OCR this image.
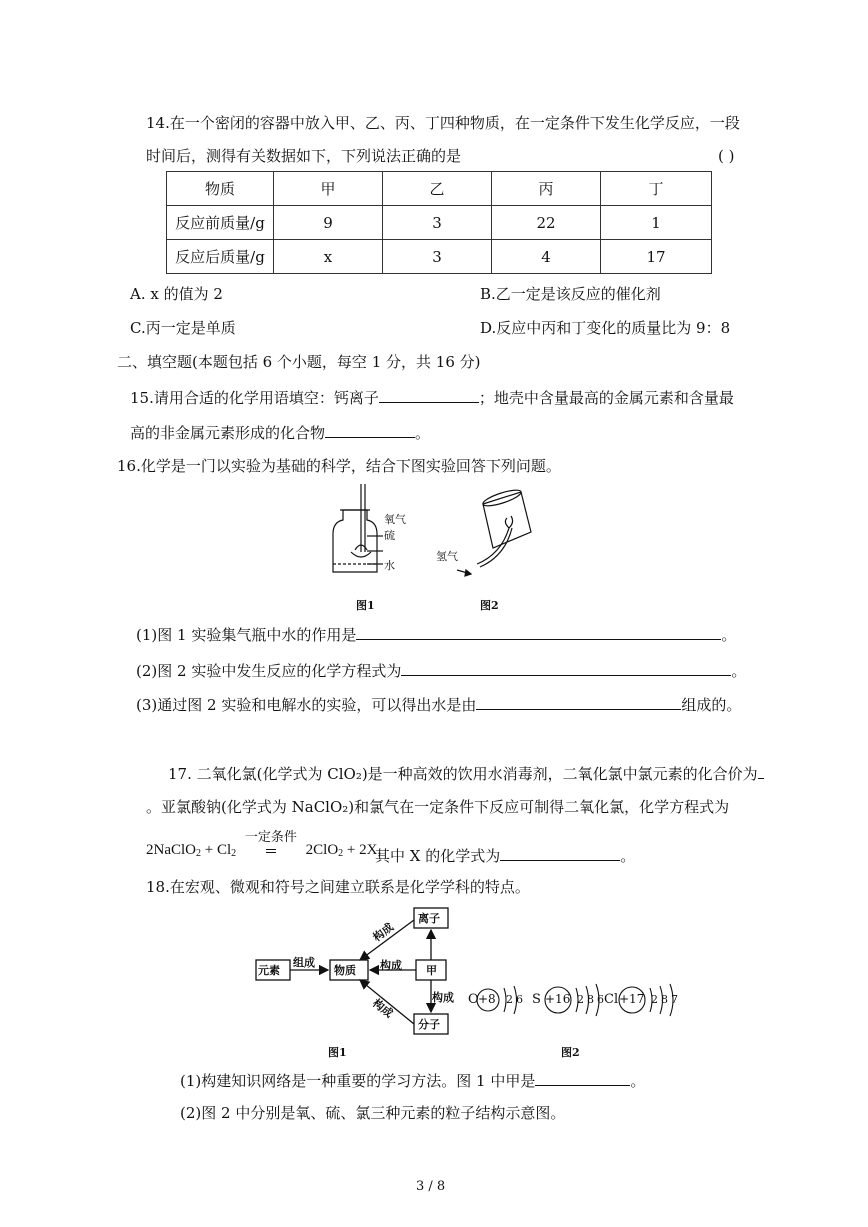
14.在一个密闭的容器中放入甲、乙、丙、丁四种物质，在一定条件下发生化学反应，一段
时间后，测得有关数据如下，下列说法正确的是	( )
物质	甲	乙	丙	丁
反应前质量/g	9	3	22	1
反应后质量/g	x	3	4	17
A. x 的值为 2	B.乙一定是该反应的催化剂
C.丙一定是单质	D.反应中丙和丁变化的质量比为 9：8
二、填空题(本题包括 6 个小题，每空 1 分，共 16 分)
15.请用合适的化学用语填空：钙离子	；地壳中含量最高的金属元素和含量最
高的非金属元素形成的化合物	。
16.化学是一门以实验为基础的科学，结合下图实验回答下列问题。
氧气
硫
水
氢气
图1	图2
(1)图 1 实验集气瓶中水的作用是	。
(2)图 2 实验中发生反应的化学方程式为	。
(3)通过图 2 实验和电解水的实验，可以得出水是由	组成的。
17. 二氧化氯(化学式为 ClO₂)是一种高效的饮用水消毒剂，二氧化氯中氯元素的化合价为
。亚氯酸钠(化学式为 NaClO₂)和氯气在一定条件下反应可制得二氧化氯，化学方程式为
2NaClO$_2$ + $Cl_2$
一定条件
2ClO$_2$ + 2X,
其中 X 的化学式为	。
18.在宏观、微观和符号之间建立联系是化学学科的特点。
元素	物质	甲
离子
分子
组成	构成
构成
构成	构成
图1
O +8 2 6 S +16 2 8 6 Cl +17 2 8 7
图2
(1)构建知识网络是一种重要的学习方法。图 1 中甲是	。
(2)图 2 中分别是氧、硫、氯三种元素的粒子结构示意图。
3 / 8
